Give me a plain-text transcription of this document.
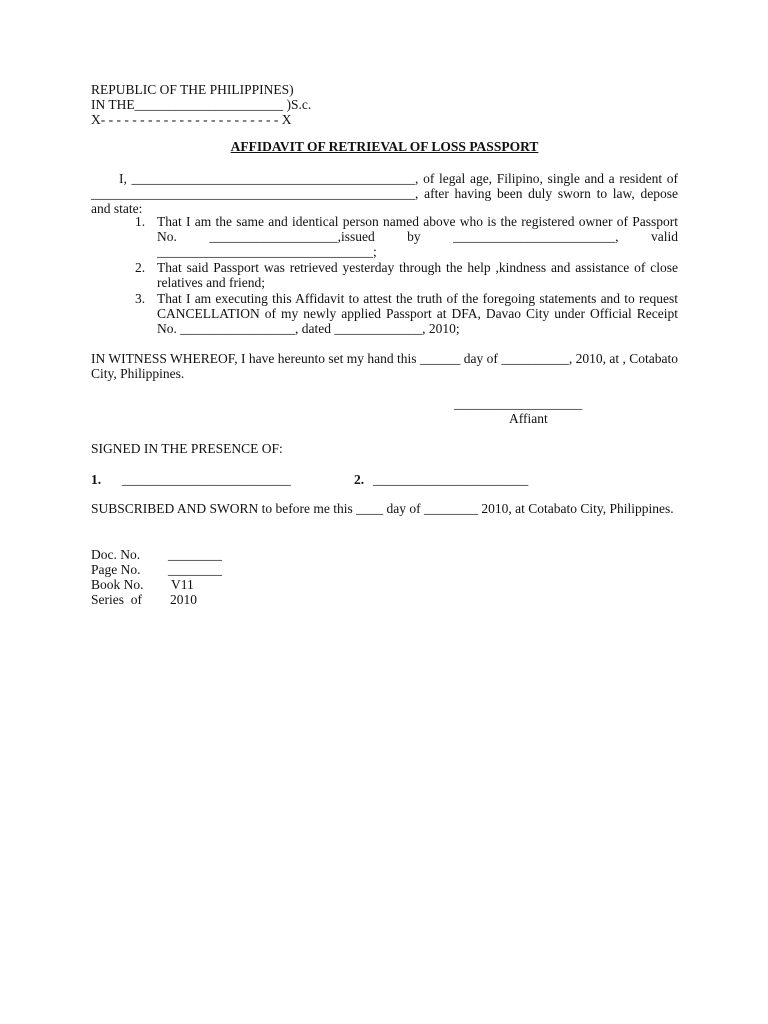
REPUBLIC OF THE PHILIPPINES)
IN THE______________________ )S.c.
X- - - - - - - - - - - - - - - - - - - - - - - X
AFFIDAVIT OF RETRIEVAL OF LOSS PASSPORT
I, __________________________________________, of legal age, Filipino, single and a resident of ________________________________________________, after having been duly sworn to law, depose and state:
1. That I am the same and identical person named above who is the registered owner of Passport No. ___________________,issued by ________________________, valid ________________________________;
2. That said Passport was retrieved yesterday through the help ,kindness and assistance of close relatives and friend;
3. That I am executing this Affidavit to attest the truth of the foregoing statements and to request CANCELLATION of my newly applied Passport at DFA, Davao City under Official Receipt No. _________________, dated _____________, 2010;
IN WITNESS WHEREOF, I have hereunto set my hand this ______ day of __________, 2010, at , Cotabato City, Philippines.
___________________
Affiant
SIGNED IN THE PRESENCE OF:
1. _________________________	2. _______________________
SUBSCRIBED AND SWORN to before me this ____ day of ________ 2010, at Cotabato City, Philippines.
Doc. No. ________
Page No. ________
Book No. V11
Series  of 2010
